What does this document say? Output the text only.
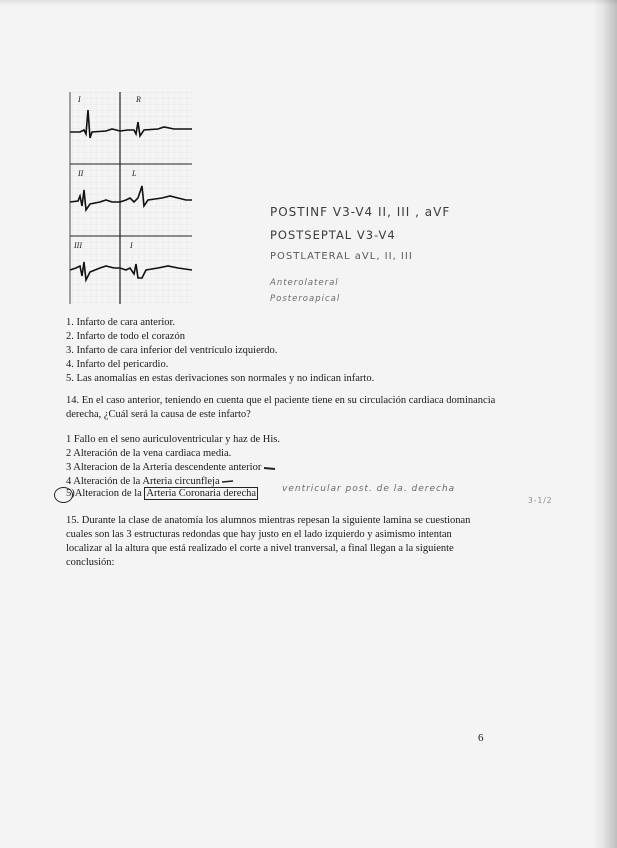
I	R
II	L
III	I
POSTINF V3-V4 II, III , aVF
POSTSEPTAL V3-V4
POSTLATERAL aVL, II, III
Anterolateral
Posteroapical
1. Infarto de cara anterior.
2. Infarto de todo el corazón
3. Infarto de cara inferior del ventrículo izquierdo.
4. Infarto del pericardio.
5. Las anomalías en estas derivaciones son normales y no indican infarto.
14. En el caso anterior, teniendo en cuenta que el paciente tiene en su circulación cardiaca dominancia derecha, ¿Cuál será la causa de este infarto?
1 Fallo en el seno auriculoventricular y haz de His.
2 Alteración de la vena cardiaca media.
3 Alteracion de la Arteria descendente anterior
4 Alteración de la Arteria circunfleja
5)Alteracion de la Arteria Coronaria derecha	ventricular post. de la. derecha
3-1/2
15. Durante la clase de anatomía los alumnos mientras repesan la siguiente lamina se cuestionan cuales son las 3 estructuras redondas que hay justo en el lado izquierdo y asimismo intentan localizar al la altura que está realizado el corte a nivel tranversal, a final llegan a la siguiente conclusión:
6
